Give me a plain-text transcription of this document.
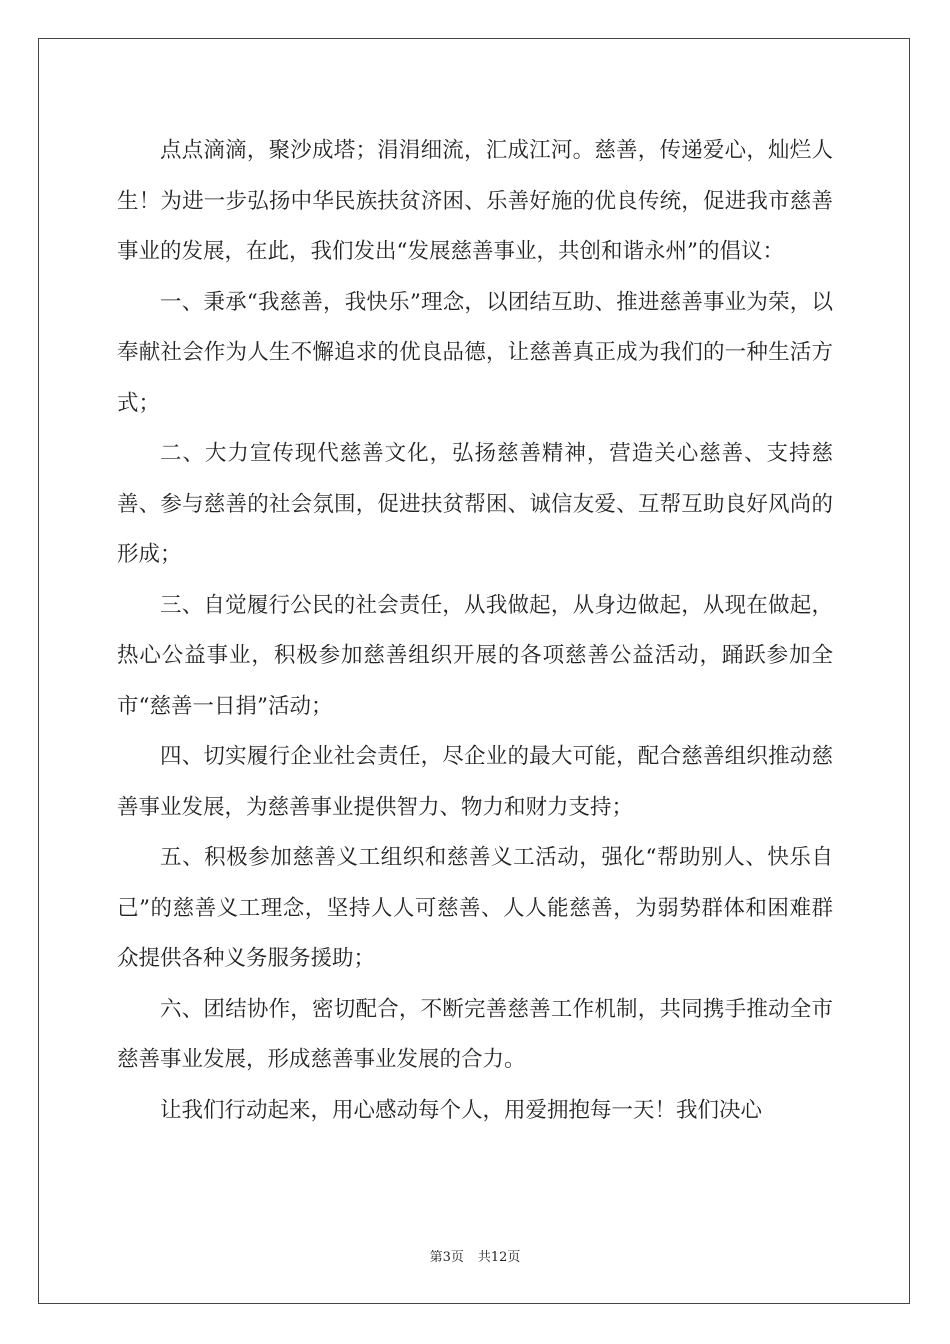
点点滴滴，聚沙成塔；涓涓细流，汇成江河。慈善，传递爱心，灿烂人生！为进一步弘扬中华民族扶贫济困、乐善好施的优良传统，促进我市慈善事业的发展，在此，我们发出“发展慈善事业，共创和谐永州”的倡议：

一、秉承“我慈善，我快乐”理念，以团结互助、推进慈善事业为荣，以奉献社会作为人生不懈追求的优良品德，让慈善真正成为我们的一种生活方式；

二、大力宣传现代慈善文化，弘扬慈善精神，营造关心慈善、支持慈善、参与慈善的社会氛围，促进扶贫帮困、诚信友爱、互帮互助良好风尚的形成；

三、自觉履行公民的社会责任，从我做起，从身边做起，从现在做起，热心公益事业，积极参加慈善组织开展的各项慈善公益活动，踊跃参加全市“慈善一日捐”活动；

四、切实履行企业社会责任，尽企业的最大可能，配合慈善组织推动慈善事业发展，为慈善事业提供智力、物力和财力支持；

五、积极参加慈善义工组织和慈善义工活动，强化“帮助别人、快乐自己”的慈善义工理念，坚持人人可慈善、人人能慈善，为弱势群体和困难群众提供各种义务服务援助；

六、团结协作，密切配合，不断完善慈善工作机制，共同携手推动全市慈善事业发展，形成慈善事业发展的合力。

让我们行动起来，用心感动每个人，用爱拥抱每一天！我们决心

第3页 共12页
